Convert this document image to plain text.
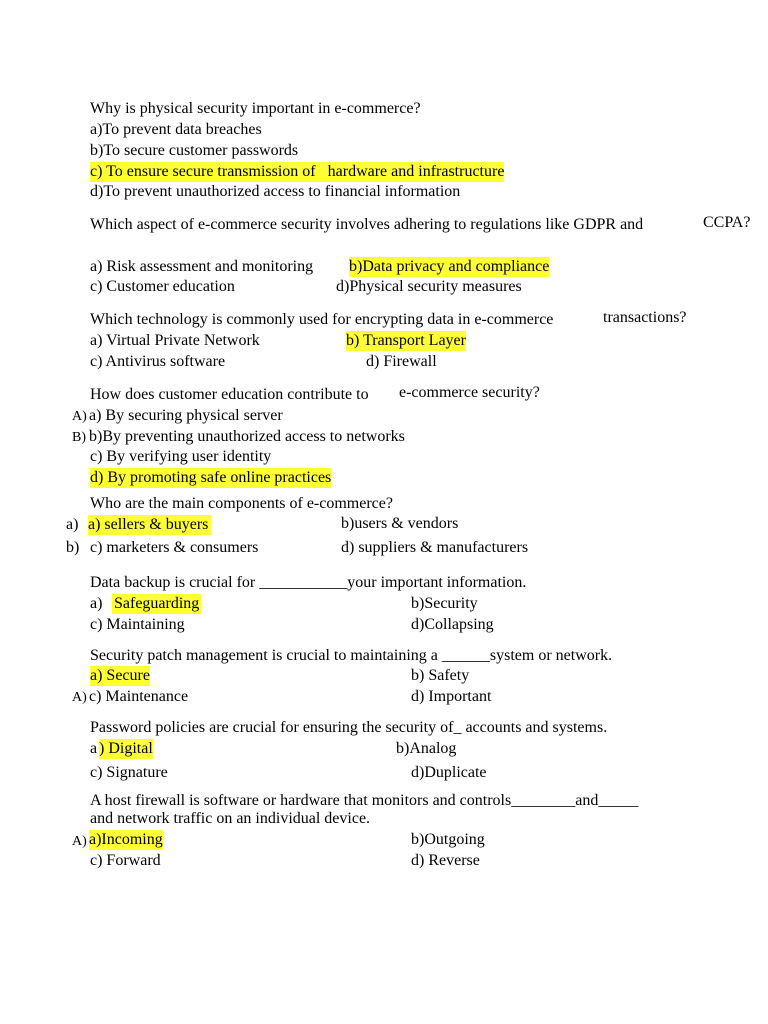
Why is physical security important in e-commerce?
a)To prevent data breaches
b)To secure customer passwords
c) To ensure secure transmission of   hardware and infrastructure
d)To prevent unauthorized access to financial information
Which aspect of e-commerce security involves adhering to regulations like GDPR and	CCPA?
a) Risk assessment and monitoring b)Data privacy and compliance
c) Customer education	d)Physical security measures
Which technology is commonly used for encrypting data in e-commerce	transactions?
a) Virtual Private Network	b) Transport Layer
c) Antivirus software	d) Firewall
How does customer education contribute to e-commerce security?
A) a) By securing physical server
B) b)By preventing unauthorized access to networks
c) By verifying user identity
d) By promoting safe online practices
Who are the main components of e-commerce?
a) a) sellers & buyers	b)users & vendors
b) c) marketers & consumers	d) suppliers & manufacturers
Data backup is crucial for ___________your important information.
a) Safeguarding	b)Security
c) Maintaining	d)Collapsing
Security patch management is crucial to maintaining a ______system or network.
a) Secure	b) Safety
A) c) Maintenance	d) Important
Password policies are crucial for ensuring the security of_ accounts and systems.
a ) Digital	b)Analog
c) Signature	d)Duplicate
A host firewall is software or hardware that monitors and controls________and_____
and network traffic on an individual device.
A) a)Incoming	b)Outgoing
c) Forward	d) Reverse
